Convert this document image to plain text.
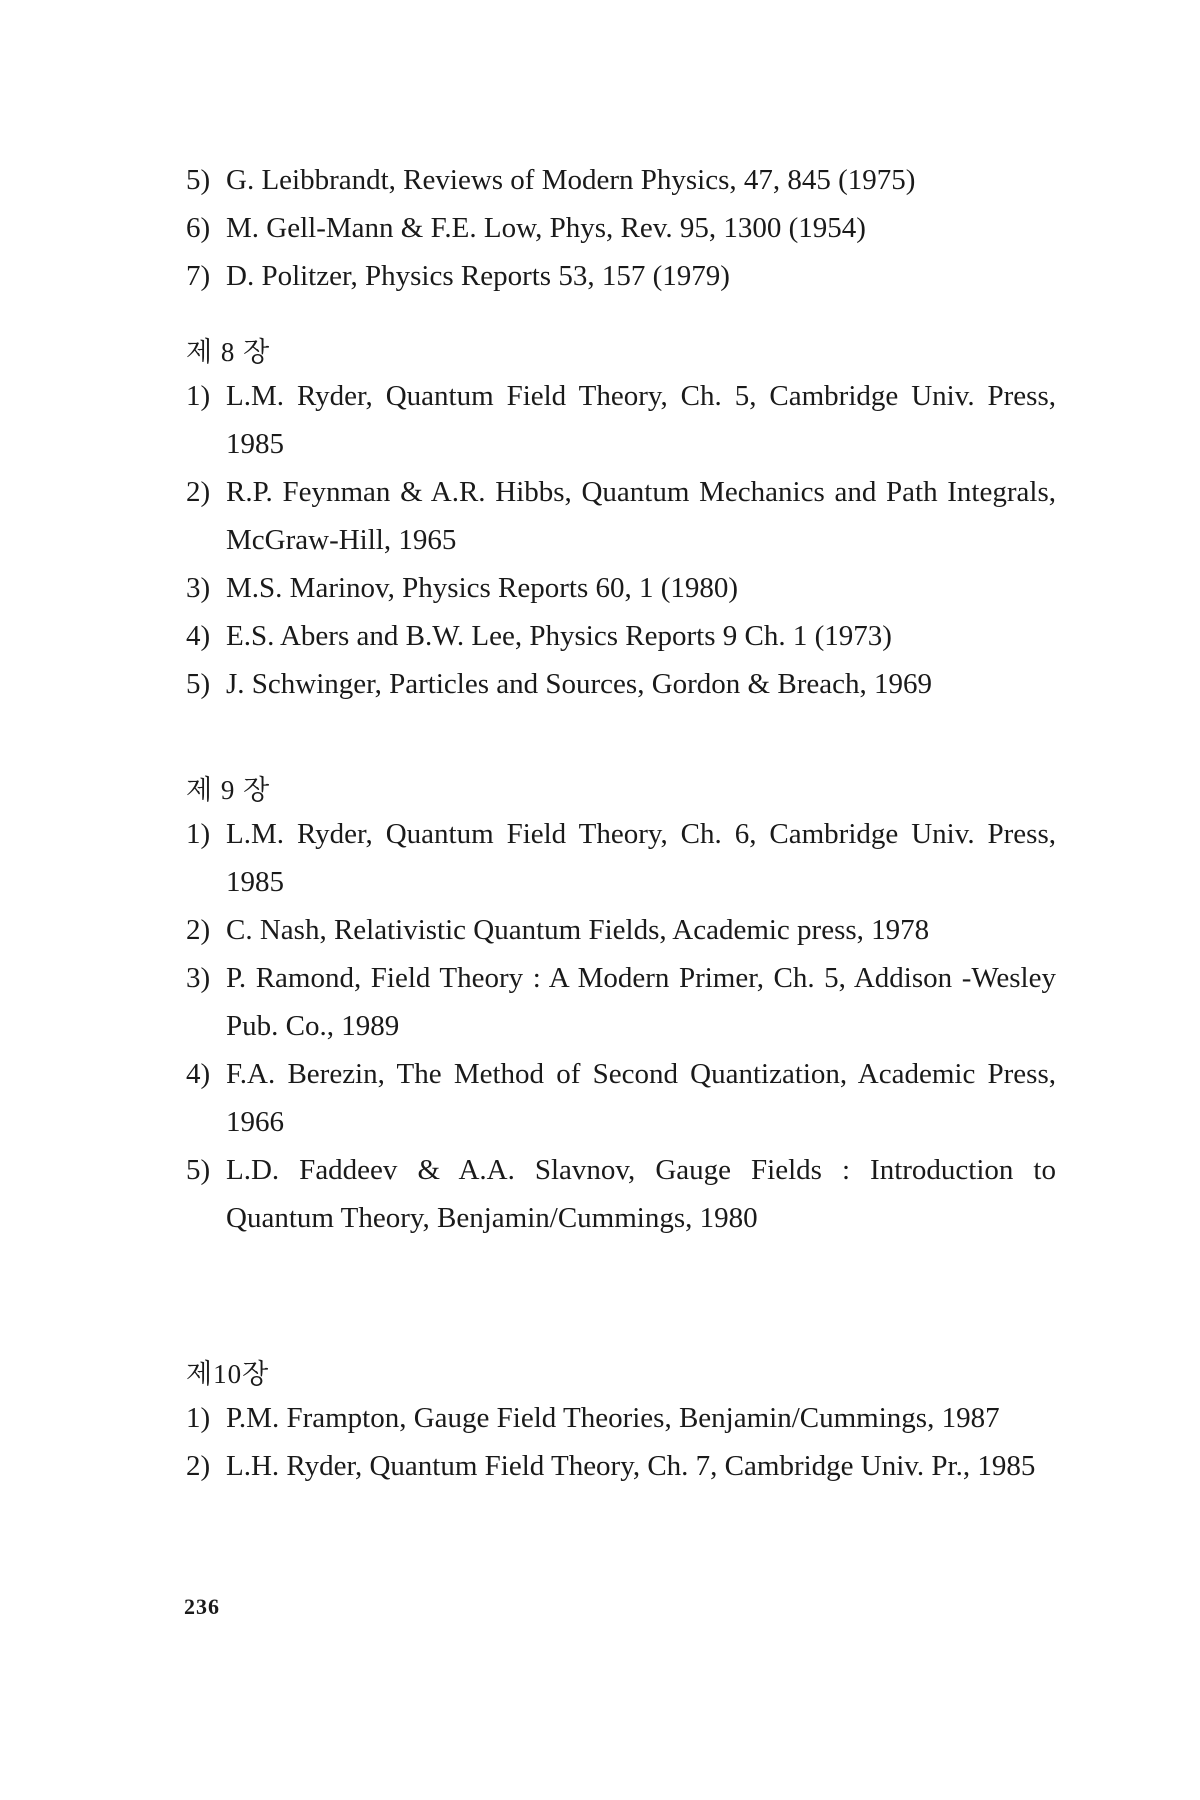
5) G. Leibbrandt, Reviews of Modern Physics, 47, 845 (1975)
6) M. Gell-Mann & F.E. Low, Phys, Rev. 95, 1300 (1954)
7) D. Politzer, Physics Reports 53, 157 (1979)
제 8 장
1) L.M. Ryder, Quantum Field Theory, Ch. 5, Cambridge Univ. Press, 1985
2) R.P. Feynman & A.R. Hibbs, Quantum Mechanics and Path Integrals, McGraw-Hill, 1965
3) M.S. Marinov, Physics Reports 60, 1 (1980)
4) E.S. Abers and B.W. Lee, Physics Reports 9 Ch. 1 (1973)
5) J. Schwinger, Particles and Sources, Gordon & Breach, 1969
제 9 장
1) L.M. Ryder, Quantum Field Theory, Ch. 6, Cambridge Univ. Press, 1985
2) C. Nash, Relativistic Quantum Fields, Academic press, 1978
3) P. Ramond, Field Theory : A Modern Primer, Ch. 5, Addison -Wesley Pub. Co., 1989
4) F.A. Berezin, The Method of Second Quantization, Academic Press, 1966
5) L.D. Faddeev & A.A. Slavnov, Gauge Fields : Introduction to Quantum Theory, Benjamin/Cummings, 1980
제10장
1) P.M. Frampton, Gauge Field Theories, Benjamin/Cummings, 1987
2) L.H. Ryder, Quantum Field Theory, Ch. 7, Cambridge Univ. Pr., 1985
236
